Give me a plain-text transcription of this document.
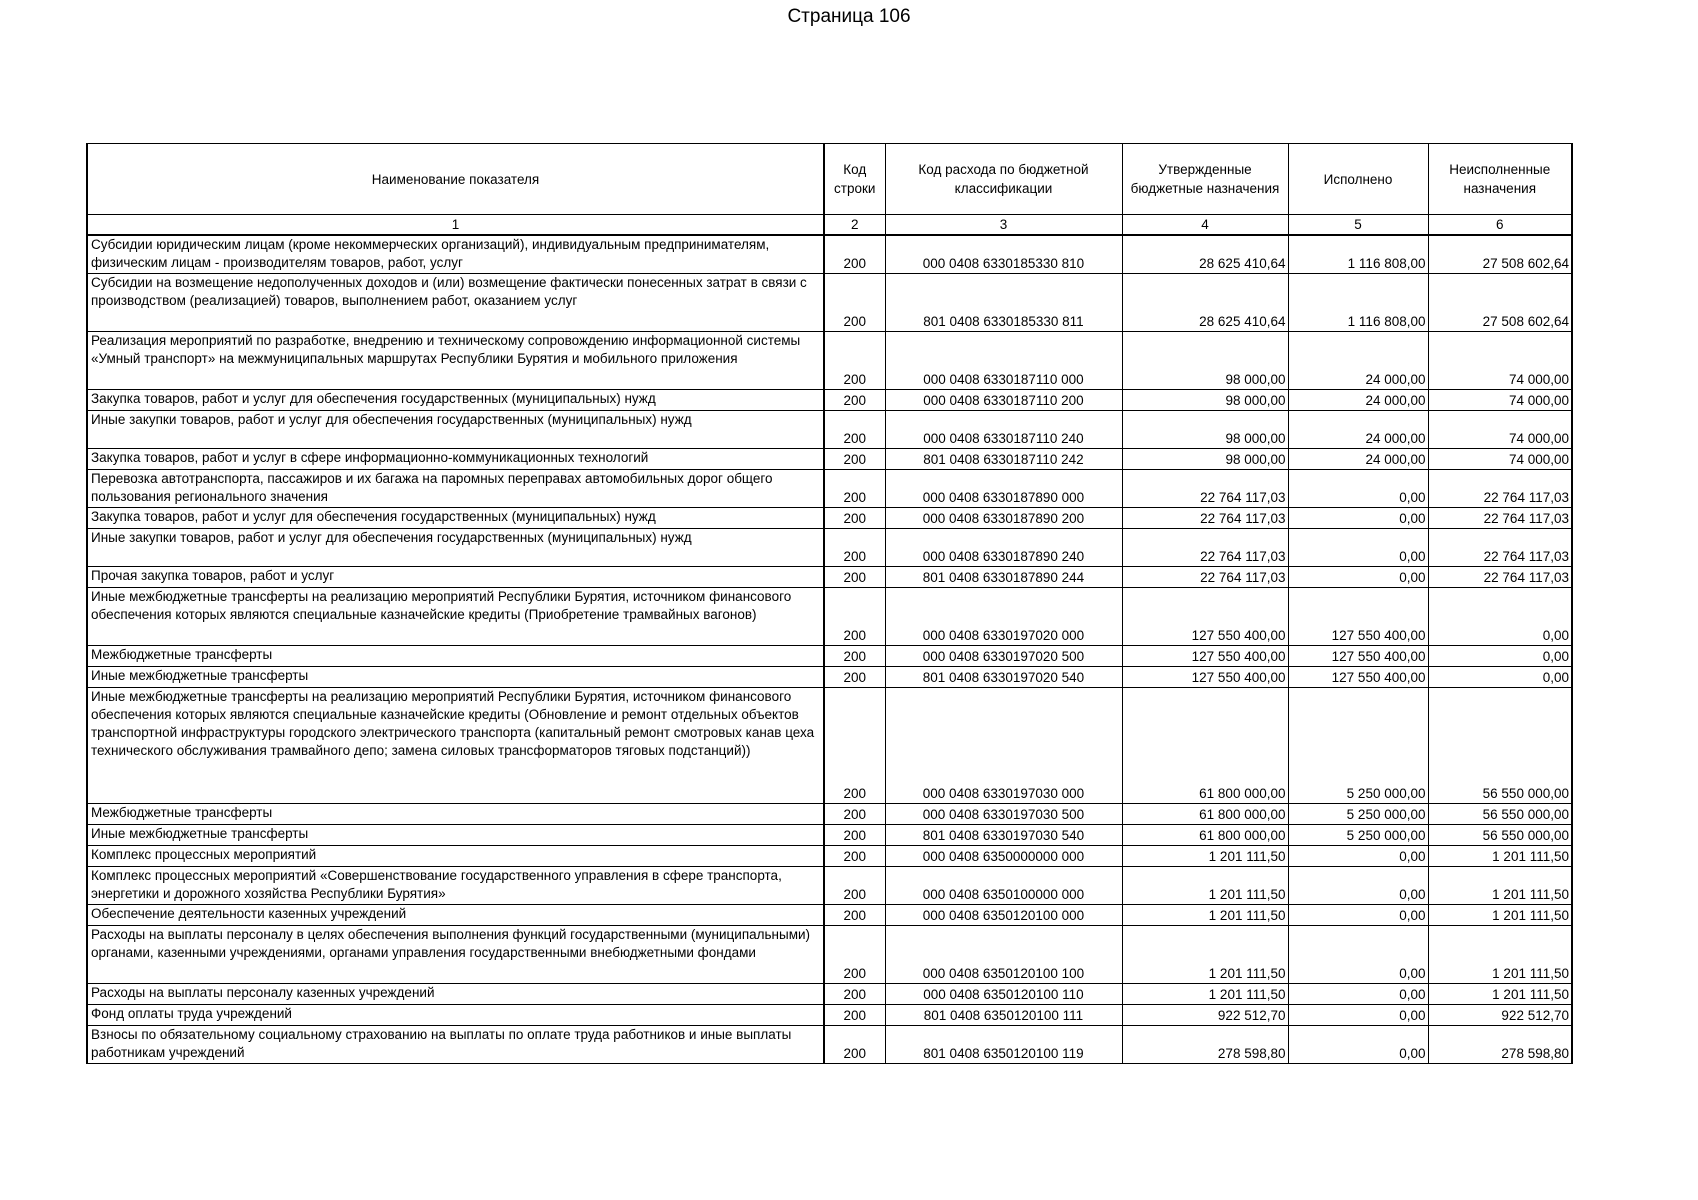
Страница 106
Наименование показателя	Код строки	Код расхода по бюджетной классификации	Утвержденные бюджетные назначения	Исполнено	Неисполненные назначения
1	2	3	4	5	6
Субсидии юридическим лицам (кроме некоммерческих организаций), индивидуальным предпринимателям, физическим лицам - производителям товаров, работ, услуг	200	000 0408 6330185330 810	28 625 410,64	1 116 808,00	27 508 602,64
Субсидии на возмещение недополученных доходов и (или) возмещение фактически понесенных затрат в связи с производством (реализацией) товаров, выполнением работ, оказанием услуг	200	801 0408 6330185330 811	28 625 410,64	1 116 808,00	27 508 602,64
Реализация мероприятий по разработке, внедрению и техническому сопровождению информационной системы «Умный транспорт» на межмуниципальных маршрутах Республики Бурятия и мобильного приложения	200	000 0408 6330187110 000	98 000,00	24 000,00	74 000,00
Закупка товаров, работ и услуг для обеспечения государственных (муниципальных) нужд	200	000 0408 6330187110 200	98 000,00	24 000,00	74 000,00
Иные закупки товаров, работ и услуг для обеспечения государственных (муниципальных) нужд	200	000 0408 6330187110 240	98 000,00	24 000,00	74 000,00
Закупка товаров, работ и услуг в сфере информационно-коммуникационных технологий	200	801 0408 6330187110 242	98 000,00	24 000,00	74 000,00
Перевозка автотранспорта, пассажиров и их багажа на паромных переправах автомобильных дорог общего пользования регионального значения	200	000 0408 6330187890 000	22 764 117,03	0,00	22 764 117,03
Закупка товаров, работ и услуг для обеспечения государственных (муниципальных) нужд	200	000 0408 6330187890 200	22 764 117,03	0,00	22 764 117,03
Иные закупки товаров, работ и услуг для обеспечения государственных (муниципальных) нужд	200	000 0408 6330187890 240	22 764 117,03	0,00	22 764 117,03
Прочая закупка товаров, работ и услуг	200	801 0408 6330187890 244	22 764 117,03	0,00	22 764 117,03
Иные межбюджетные трансферты на реализацию мероприятий Республики Бурятия, источником финансового обеспечения которых являются специальные казначейские кредиты (Приобретение трамвайных вагонов)	200	000 0408 6330197020 000	127 550 400,00	127 550 400,00	0,00
Межбюджетные трансферты	200	000 0408 6330197020 500	127 550 400,00	127 550 400,00	0,00
Иные межбюджетные трансферты	200	801 0408 6330197020 540	127 550 400,00	127 550 400,00	0,00
Иные межбюджетные трансферты на реализацию мероприятий Республики Бурятия, источником финансового обеспечения которых являются специальные казначейские кредиты (Обновление и ремонт отдельных объектов транспортной инфраструктуры городского электрического транспорта (капитальный ремонт смотровых канав цеха технического обслуживания трамвайного депо; замена силовых трансформаторов тяговых подстанций))	200	000 0408 6330197030 000	61 800 000,00	5 250 000,00	56 550 000,00
Межбюджетные трансферты	200	000 0408 6330197030 500	61 800 000,00	5 250 000,00	56 550 000,00
Иные межбюджетные трансферты	200	801 0408 6330197030 540	61 800 000,00	5 250 000,00	56 550 000,00
Комплекс процессных мероприятий	200	000 0408 6350000000 000	1 201 111,50	0,00	1 201 111,50
Комплекс процессных мероприятий «Совершенствование государственного управления в сфере транспорта, энергетики и дорожного хозяйства Республики Бурятия»	200	000 0408 6350100000 000	1 201 111,50	0,00	1 201 111,50
Обеспечение деятельности казенных учреждений	200	000 0408 6350120100 000	1 201 111,50	0,00	1 201 111,50
Расходы на выплаты персоналу в целях обеспечения выполнения функций государственными (муниципальными) органами, казенными учреждениями, органами управления государственными внебюджетными фондами	200	000 0408 6350120100 100	1 201 111,50	0,00	1 201 111,50
Расходы на выплаты персоналу казенных учреждений	200	000 0408 6350120100 110	1 201 111,50	0,00	1 201 111,50
Фонд оплаты труда учреждений	200	801 0408 6350120100 111	922 512,70	0,00	922 512,70
Взносы по обязательному социальному страхованию на выплаты по оплате труда работников и иные выплаты работникам учреждений	200	801 0408 6350120100 119	278 598,80	0,00	278 598,80
